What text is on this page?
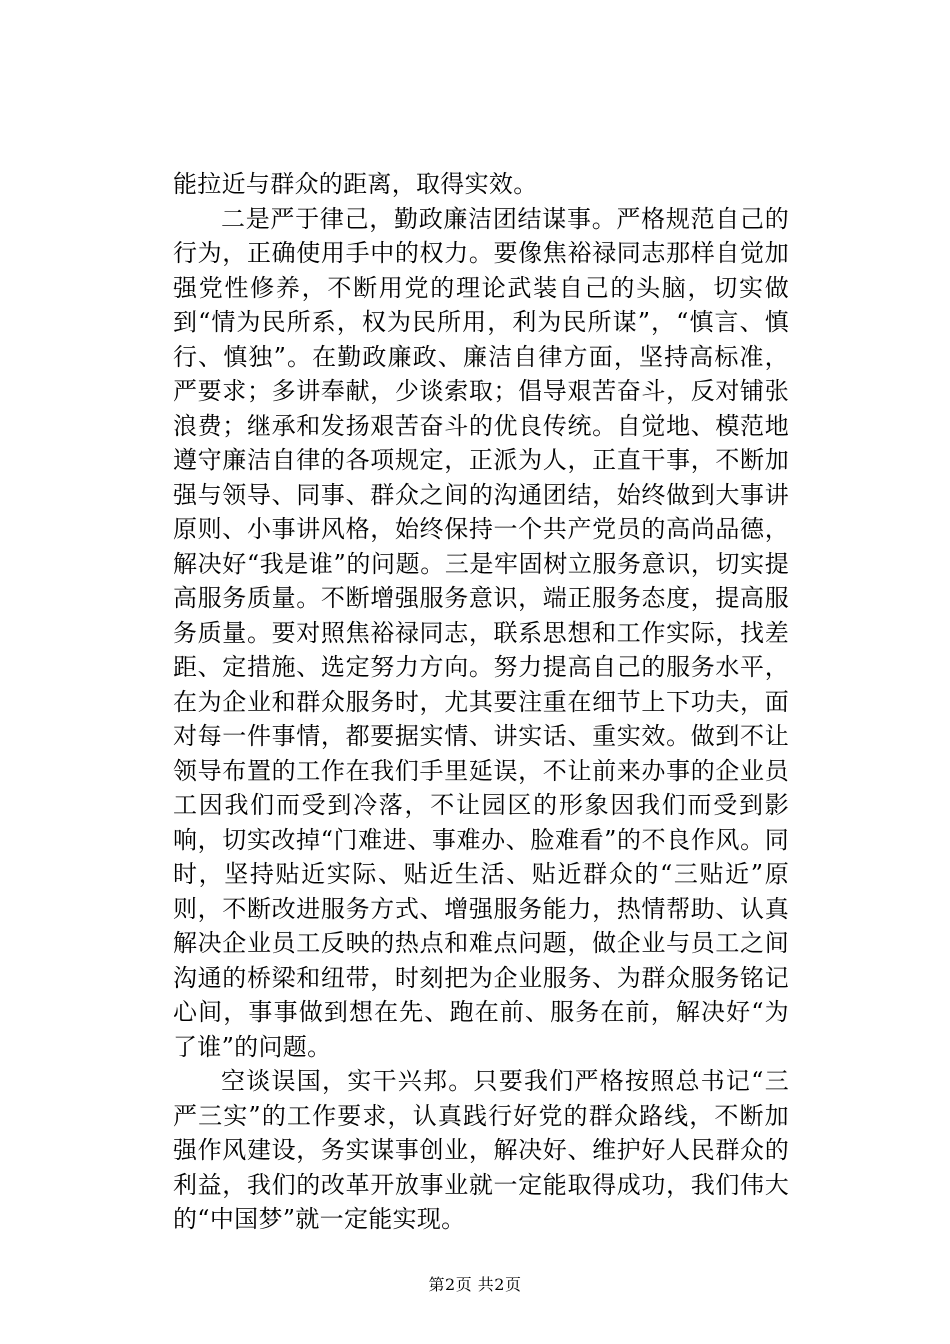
能拉近与群众的距离，取得实效。

二是严于律己，勤政廉洁团结谋事。严格规范自己的行为，正确使用手中的权力。要像焦裕禄同志那样自觉加强党性修养，不断用党的理论武装自己的头脑，切实做到“情为民所系，权为民所用，利为民所谋”，“慎言、慎行、慎独”。在勤政廉政、廉洁自律方面，坚持高标准，严要求；多讲奉献，少谈索取；倡导艰苦奋斗，反对铺张浪费；继承和发扬艰苦奋斗的优良传统。自觉地、模范地遵守廉洁自律的各项规定，正派为人，正直干事，不断加强与领导、同事、群众之间的沟通团结，始终做到大事讲原则、小事讲风格，始终保持一个共产党员的高尚品德，解决好“我是谁”的问题。三是牢固树立服务意识，切实提高服务质量。不断增强服务意识，端正服务态度，提高服务质量。要对照焦裕禄同志，联系思想和工作实际，找差距、定措施、选定努力方向。努力提高自己的服务水平，在为企业和群众服务时，尤其要注重在细节上下功夫，面对每一件事情，都要据实情、讲实话、重实效。做到不让领导布置的工作在我们手里延误，不让前来办事的企业员工因我们而受到冷落，不让园区的形象因我们而受到影响，切实改掉“门难进、事难办、脸难看”的不良作风。同时，坚持贴近实际、贴近生活、贴近群众的“三贴近”原则，不断改进服务方式、增强服务能力，热情帮助、认真解决企业员工反映的热点和难点问题，做企业与员工之间沟通的桥梁和纽带，时刻把为企业服务、为群众服务铭记心间，事事做到想在先、跑在前、服务在前，解决好“为了谁”的问题。

空谈误国，实干兴邦。只要我们严格按照总书记“三严三实”的工作要求，认真践行好党的群众路线，不断加强作风建设，务实谋事创业，解决好、维护好人民群众的利益，我们的改革开放事业就一定能取得成功，我们伟大的“中国梦”就一定能实现。

第2页 共2页
